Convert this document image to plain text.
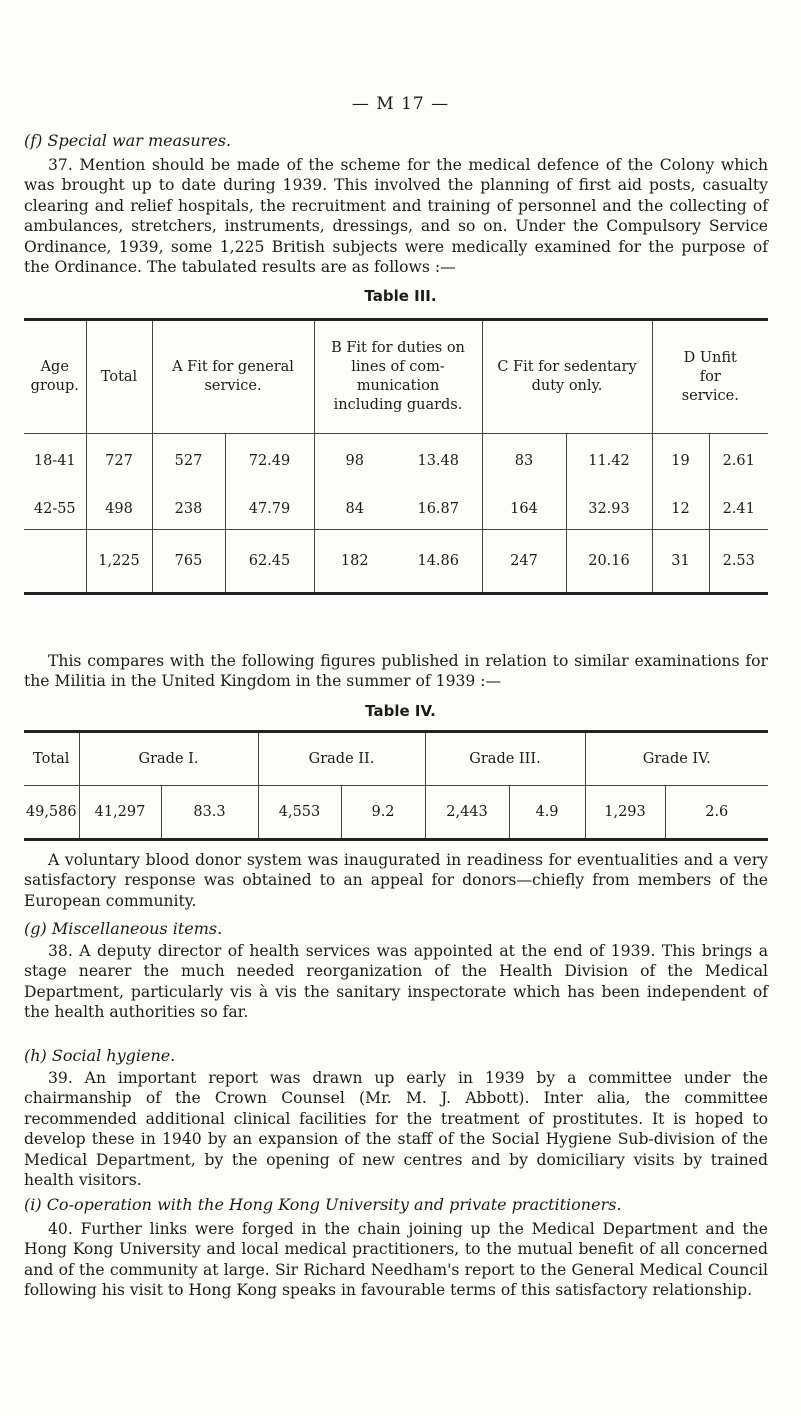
— M 17 —
(f) Special war measures.
37. Mention should be made of the scheme for the medical defence of the Colony which was brought up to date during 1939. This involved the planning of first aid posts, casualty clearing and relief hospitals, the recruitment and training of personnel and the collecting of ambulances, stretchers, instruments, dressings, and so on. Under the Compulsory Service Ordinance, 1939, some 1,225 British subjects were medically examined for the purpose of the Ordinance. The tabulated results are as follows :—
Table III.
Age group.	Total	A Fit for general service.		B Fit for duties on lines of com- munication including guards.		C Fit for sedentary duty only.		D Unfit for service.	
18-41	727	527	72.49	98	13.48	83	11.42	19	2.61
42-55	498	238	47.79	84	16.87	164	32.93	12	2.41
	1,225	765	62.45	182	14.86	247	20.16	31	2.53
This compares with the following figures published in relation to similar examinations for the Militia in the United Kingdom in the summer of 1939 :—
Table IV.
Total	Grade I.		Grade II.		Grade III.		Grade IV.	
49,586	41,297	83.3	4,553	9.2	2,443	4.9	1,293	2.6
A voluntary blood donor system was inaugurated in readiness for eventualities and a very satisfactory response was obtained to an appeal for donors—chiefly from members of the European community.
(g) Miscellaneous items.
38. A deputy director of health services was appointed at the end of 1939. This brings a stage nearer the much needed reorganization of the Health Division of the Medical Department, particularly vis à vis the sanitary inspectorate which has been independent of the health authorities so far.
(h) Social hygiene.
39. An important report was drawn up early in 1939 by a committee under the chairmanship of the Crown Counsel (Mr. M. J. Abbott). Inter alia, the committee recommended additional clinical facilities for the treatment of prostitutes. It is hoped to develop these in 1940 by an expansion of the staff of the Social Hygiene Sub-division of the Medical Department, by the opening of new centres and by domiciliary visits by trained health visitors.
(i) Co-operation with the Hong Kong University and private practitioners.
40. Further links were forged in the chain joining up the Medical Department and the Hong Kong University and local medical practitioners, to the mutual benefit of all concerned and of the community at large. Sir Richard Needham's report to the General Medical Council following his visit to Hong Kong speaks in favourable terms of this satisfactory relationship.
